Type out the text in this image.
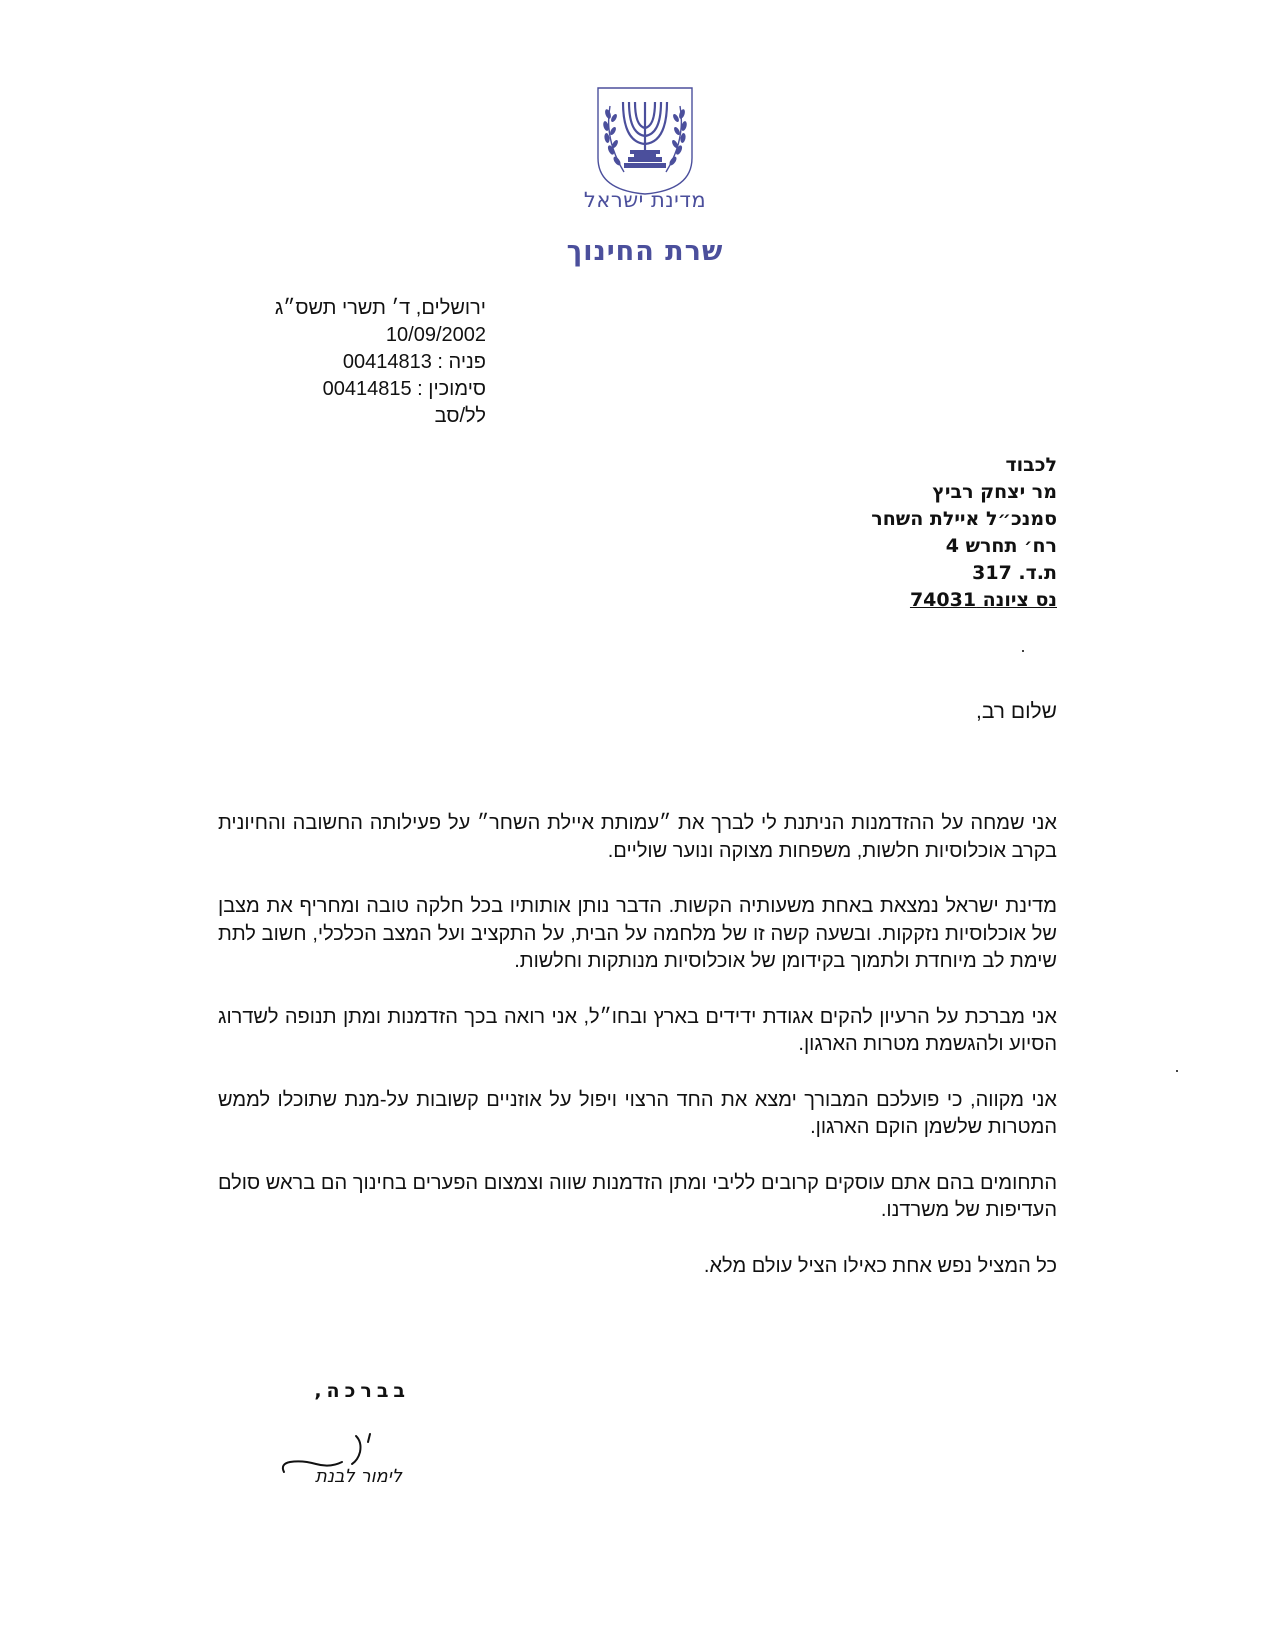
מדינת ישראל
שרת החינוך
ירושלים, ד׳ תשרי תשס״ג
10/09/2002
פניה : 00414813
סימוכין : 00414815
לל/סב
לכבוד
מר יצחק רביץ
סמנכ״ל איילת השחר
רח׳ תחרש 4
ת.ד. 317
נס ציונה 74031
שלום רב,

אני שמחה על ההזדמנות הניתנת לי לברך את ״עמותת איילת השחר״ על פעילותה החשובה והחיונית בקרב אוכלוסיות חלשות, משפחות מצוקה ונוער שוליים.

מדינת ישראל נמצאת באחת משעותיה הקשות. הדבר נותן אותותיו בכל חלקה טובה ומחריף את מצבן של אוכלוסיות נזקקות. ובשעה קשה זו של מלחמה על הבית, על התקציב ועל המצב הכלכלי, חשוב לתת שימת לב מיוחדת ולתמוך בקידומן של אוכלוסיות מנותקות וחלשות.

אני מברכת על הרעיון להקים אגודת ידידים בארץ ובחו״ל, אני רואה בכך הזדמנות ומתן תנופה לשדרוג הסיוע ולהגשמת מטרות הארגון.

אני מקווה, כי פועלכם המבורך ימצא את החד הרצוי ויפול על אוזניים קשובות על-מנת שתוכלו לממש המטרות שלשמן הוקם הארגון.

התחומים בהם אתם עוסקים קרובים לליבי ומתן הזדמנות שווה וצמצום הפערים בחינוך הם בראש סולם העדיפות של משרדנו.

כל המציל נפש אחת כאילו הציל עולם מלא.

בברכה,
לימור לבנת
